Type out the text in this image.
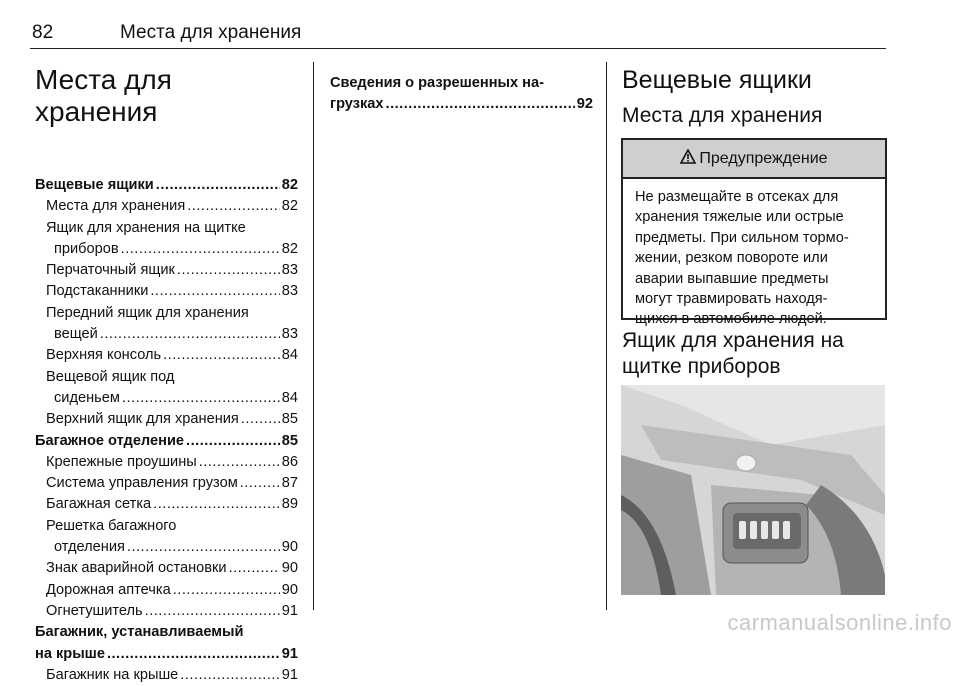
82	Места для хранения
Места для
хранения
Вещевые ящики .....	82
Места для хранения .....	82
Ящик для хранения на щитке
приборов .....	82
Перчаточный ящик .....	83
Подстаканники .....	83
Передний ящик для хранения
вещей .....	83
Верхняя консоль .....	84
Вещевой ящик под
сиденьем .....	84
Верхний ящик для хранения .....	85
Багажное отделение .....	85
Крепежные проушины .....	86
Система управления грузом .....	87
Багажная сетка .....	89
Решетка багажного
отделения .....	90
Знак аварийной остановки .....	90
Дорожная аптечка .....	90
Огнетушитель .....	91
Багажник, устанавливаемый
на крыше .....	91
Багажник на крыше .....	91
Сведения о разрешенных на-
грузках .....	92
Вещевые ящики
Места для хранения
Предупреждение
Не размещайте в отсеках для
хранения тяжелые или острые
предметы. При сильном тормо-
жении, резком повороте или
аварии выпавшие предметы
могут травмировать находя-
щихся в автомобиле людей.
Ящик для хранения на
щитке приборов
carmanualsonline.info
